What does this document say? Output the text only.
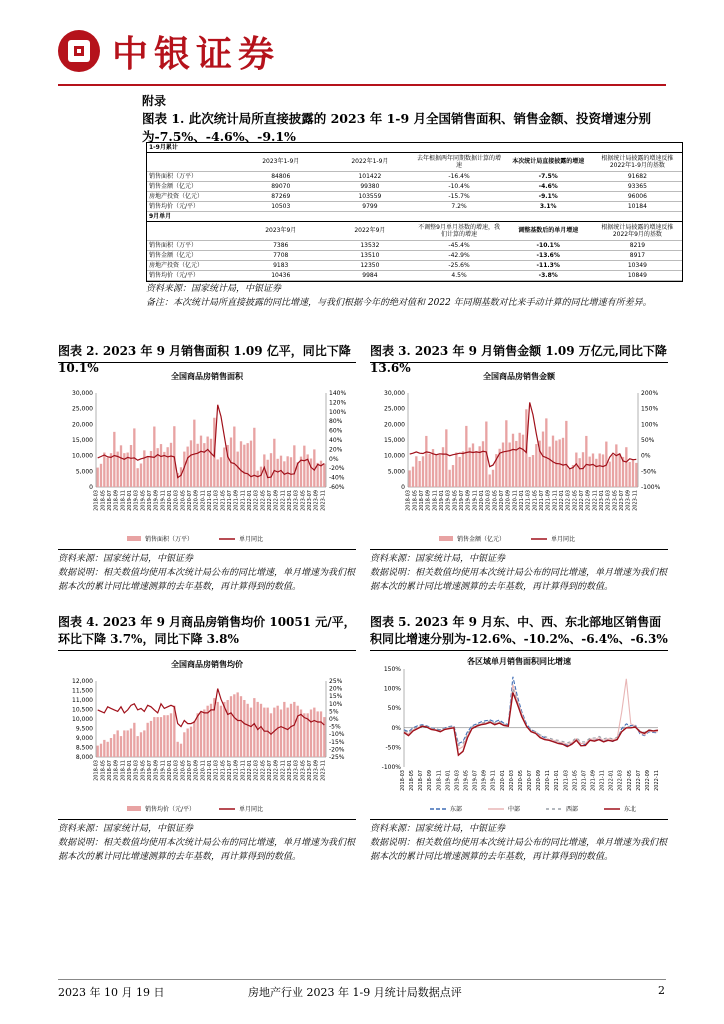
中银证券
附录
图表 1. 此次统计局所直接披露的 2023 年 1-9 月全国销售面积、销售金额、投资增速分别为-7.5%、-4.6%、-9.1%
1-9月累计					
	2023年1-9月	2022年1-9月	去年根据两年同期数据计算的增速	本次统计局直接披露的增速	根据统计局披露的增速反推2022年1-9月的基数
销售面积（万平）	84806	101422	-16.4%	-7.5%	91682
销售金额（亿元）	89070	99380	-10.4%	-4.6%	93365
房地产投资（亿元）	87269	103559	-15.7%	-9.1%	96006
销售均价（元/平）	10503	9799	7.2%	3.1%	10184
9月单月					
	2023年9月	2022年9月	不调整9月单月基数的增速，我们计算的增速	调整基数后的单月增速	根据统计局披露的增速反推2022年9月的基数
销售面积（万平）	7386	13532	-45.4%	-10.1%	8219
销售金额（亿元）	7708	13510	-42.9%	-13.6%	8917
房地产投资（亿元）	9183	12350	-25.6%	-11.3%	10349
销售均价（元/平）	10436	9984	4.5%	-3.8%	10849
资料来源：国家统计局，中银证券
备注：本次统计局所直接披露的同比增速，与我们根据今年的绝对值和 2022 年同期基数对比来手动计算的同比增速有所差异。
图表 2. 2023 年 9 月销售面积 1.09 亿平，同比下降 10.1%
全国商品房销售面积
30,000
25,000
20,000
15,000
10,000
5,000
0
140%
120%
100%
80%
60%
40%
20%
0%
-20%
-40%
-60%
2018-03 2018-05 2018-07 2018-09 2018-11 2019-01 2019-03 2019-05 2019-07 2019-09 2019-11 2020-01 2020-03 2020-05 2020-07 2020-09 2020-11 2021-01 2021-03 2021-05 2021-07 2021-09 2021-11 2022-01 2022-03 2022-05 2022-07 2022-09 2022-11 2023-01 2023-03 2023-05 2023-07 2023-09 2023-11
销售面积（万平）	单月同比
资料来源：国家统计局，中银证券
数据说明：相关数值均使用本次统计局公布的同比增速，单月增速为我们根据本次的累计同比增速测算的去年基数，再计算得到的数值。
图表 3. 2023 年 9 月销售金额 1.09 万亿元,同比下降 13.6%
全国商品房销售金额
30,000
25,000
20,000
15,000
10,000
5,000
0
200%
150%
100%
50%
0%
-50%
-100%
2018-03 2018-05 2018-07 2018-09 2018-11 2019-01 2019-03 2019-05 2019-07 2019-09 2019-11 2020-01 2020-03 2020-05 2020-07 2020-09 2020-11 2021-01 2021-03 2021-05 2021-07 2021-09 2021-11 2022-01 2022-03 2022-05 2022-07 2022-09 2022-11 2023-01 2023-03 2023-05 2023-07 2023-09 2023-11
销售金额（亿元）	单月同比
资料来源：国家统计局，中银证券
数据说明：相关数值均使用本次统计局公布的同比增速，单月增速为我们根据本次的累计同比增速测算的去年基数，再计算得到的数值。
图表 4. 2023 年 9 月商品房销售均价 10051 元/平，环比下降 3.7%，同比下降 3.8%
全国商品房销售均价
12,000
11,500
11,000
10,500
10,000
9,500
9,000
8,500
8,000
25%
20%
15%
10%
5%
0%
-5%
-10%
-15%
-20%
-25%
2018-03 2018-05 2018-07 2018-09 2018-11 2019-01 2019-03 2019-05 2019-07 2019-09 2019-11 2020-01 2020-03 2020-05 2020-07 2020-09 2020-11 2021-01 2021-03 2021-05 2021-07 2021-09 2021-11 2022-01 2022-03 2022-05 2022-07 2022-09 2022-11 2023-01 2023-03 2023-05 2023-07 2023-09 2023-11
销售均价（元/平）	单月同比
资料来源：国家统计局，中银证券
数据说明：相关数值均使用本次统计局公布的同比增速，单月增速为我们根据本次的累计同比增速测算的去年基数，再计算得到的数值。
图表 5. 2023 年 9 月东、中、西、东北部地区销售面积同比增速分别为-12.6%、-10.2%、-6.4%、-6.3%
各区域单月销售面积同比增速
150%
100%
50%
0%
-50%
-100%
2018-03 2018-05 2018-07 2018-09 2018-11 2019-01 2019-03 2019-05 2019-07 2019-09 2019-11 2020-01 2020-03 2020-05 2020-07 2020-09 2020-11 2021-01 2021-03 2021-05 2021-07 2021-09 2021-11 2022-01 2022-03 2022-05 2022-07 2022-09 2022-11
东部	中部	西部	东北
资料来源：国家统计局，中银证券
数据说明：相关数值均使用本次统计局公布的同比增速，单月增速为我们根据本次的累计同比增速测算的去年基数，再计算得到的数值。
2023 年 10 月 19 日	房地产行业 2023 年 1-9 月统计局数据点评	2
